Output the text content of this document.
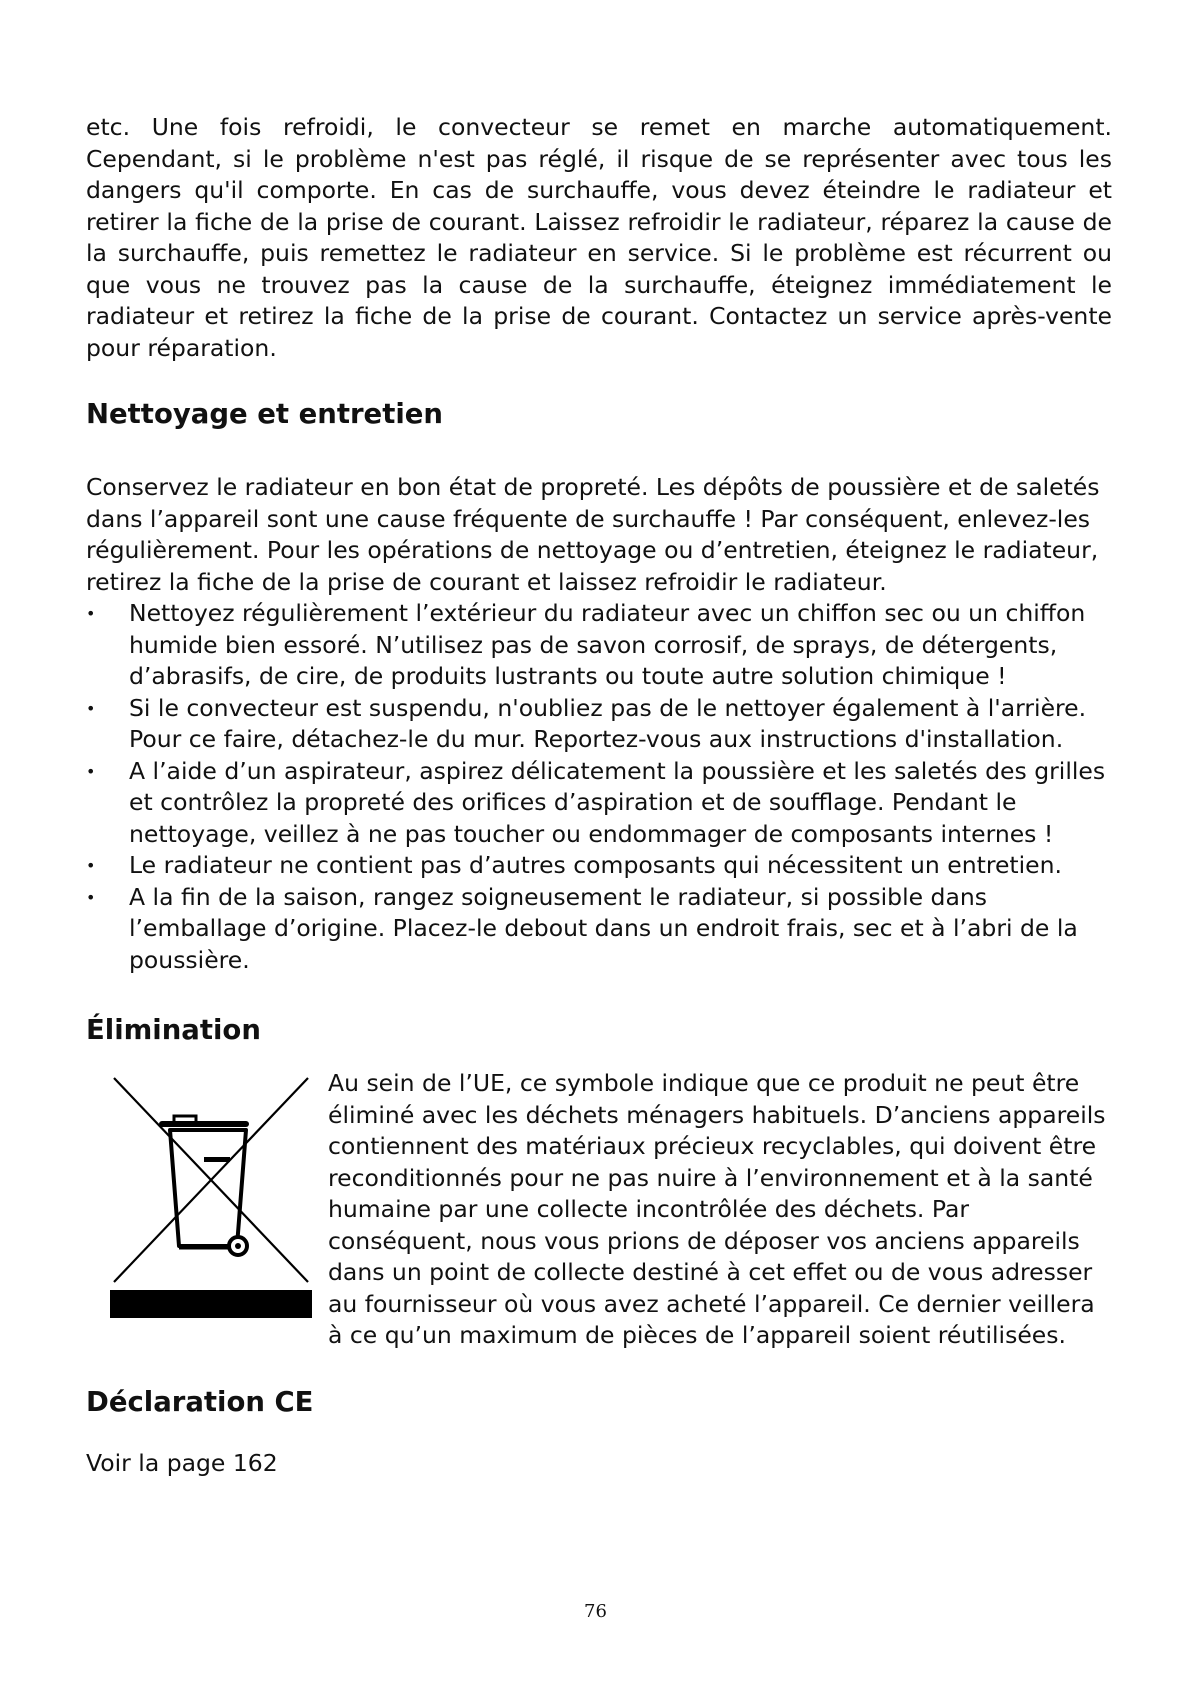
etc. Une fois refroidi, le convecteur se remet en marche automatiquement. Cependant, si le problème n'est pas réglé, il risque de se représenter avec tous les dangers qu'il comporte. En cas de surchauffe, vous devez éteindre le radiateur et retirer la fiche de la prise de courant. Laissez refroidir le radiateur, réparez la cause de la surchauffe, puis remettez le radiateur en service. Si le problème est récurrent ou que vous ne trouvez pas la cause de la surchauffe, éteignez immédiatement le radiateur et retirez la fiche de la prise de courant. Contactez un service après-vente pour réparation.

Nettoyage et entretien

Conservez le radiateur en bon état de propreté. Les dépôts de poussière et de saletés dans l’appareil sont une cause fréquente de surchauffe ! Par conséquent, enlevez-les régulièrement. Pour les opérations de nettoyage ou d’entretien, éteignez le radiateur, retirez la fiche de la prise de courant et laissez refroidir le radiateur.

• Nettoyez régulièrement l’extérieur du radiateur avec un chiffon sec ou un chiffon humide bien essoré. N’utilisez pas de savon corrosif, de sprays, de détergents, d’abrasifs, de cire, de produits lustrants ou toute autre solution chimique !
• Si le convecteur est suspendu, n'oubliez pas de le nettoyer également à l'arrière. Pour ce faire, détachez-le du mur. Reportez-vous aux instructions d'installation.
• A l’aide d’un aspirateur, aspirez délicatement la poussière et les saletés des grilles et contrôlez la propreté des orifices d’aspiration et de soufflage. Pendant le nettoyage, veillez à ne pas toucher ou endommager de composants internes !
• Le radiateur ne contient pas d’autres composants qui nécessitent un entretien.
• A la fin de la saison, rangez soigneusement le radiateur, si possible dans l’emballage d’origine. Placez-le debout dans un endroit frais, sec et à l’abri de la poussière.
Élimination

Au sein de l’UE, ce symbole indique que ce produit ne peut être éliminé avec les déchets ménagers habituels. D’anciens appareils contiennent des matériaux précieux recyclables, qui doivent être reconditionnés pour ne pas nuire à l’environnement et à la santé humaine par une collecte incontrôlée des déchets. Par conséquent, nous vous prions de déposer vos anciens appareils dans un point de collecte destiné à cet effet ou de vous adresser au fournisseur où vous avez acheté l’appareil. Ce dernier veillera à ce qu’un maximum de pièces de l’appareil soient réutilisées.

Déclaration CE

Voir la page 162

76
